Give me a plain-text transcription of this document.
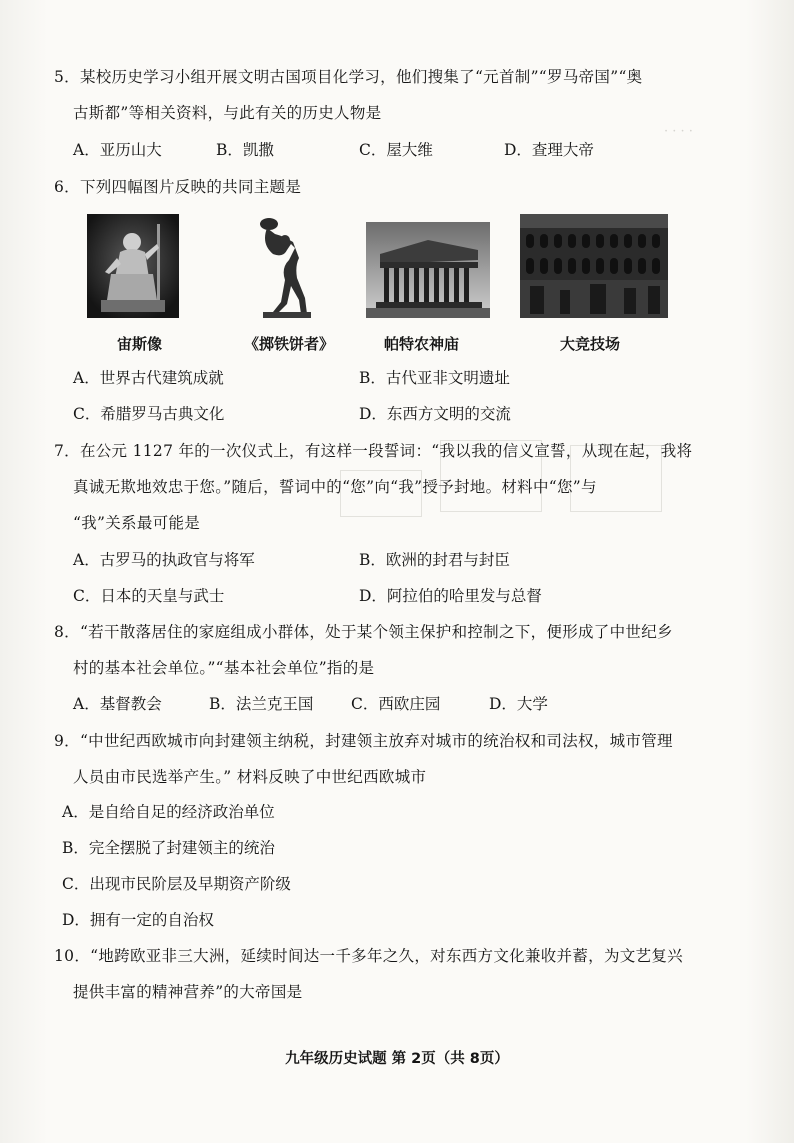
· · · ·
5．某校历史学习小组开展文明古国项目化学习，他们搜集了“元首制”“罗马帝国”“奥
古斯都”等相关资料，与此有关的历史人物是
A．亚历山大	B．凯撒	C．屋大维	D．查理大帝
6．下列四幅图片反映的共同主题是
宙斯像	《掷铁饼者》	帕特农神庙	大竞技场
A．世界古代建筑成就	B．古代亚非文明遗址
C．希腊罗马古典文化	D．东西方文明的交流
7．在公元 1127 年的一次仪式上，有这样一段誓词：“我以我的信义宣誓，从现在起，我将
真诚无欺地效忠于您。”随后，誓词中的“您”向“我”授予封地。材料中“您”与
“我”关系最可能是
A．古罗马的执政官与将军	B．欧洲的封君与封臣
C．日本的天皇与武士	D．阿拉伯的哈里发与总督
8．“若干散落居住的家庭组成小群体，处于某个领主保护和控制之下，便形成了中世纪乡
村的基本社会单位。”“基本社会单位”指的是
A．基督教会	B．法兰克王国 C．西欧庄园	D．大学
9．“中世纪西欧城市向封建领主纳税，封建领主放弃对城市的统治权和司法权，城市管理
人员由市民选举产生。” 材料反映了中世纪西欧城市
A．是自给自足的经济政治单位
B．完全摆脱了封建领主的统治
C．出现市民阶层及早期资产阶级
D．拥有一定的自治权
10．“地跨欧亚非三大洲，延续时间达一千多年之久，对东西方文化兼收并蓄，为文艺复兴
提供丰富的精神营养”的大帝国是
九年级历史试题 第 2页（共 8页）
